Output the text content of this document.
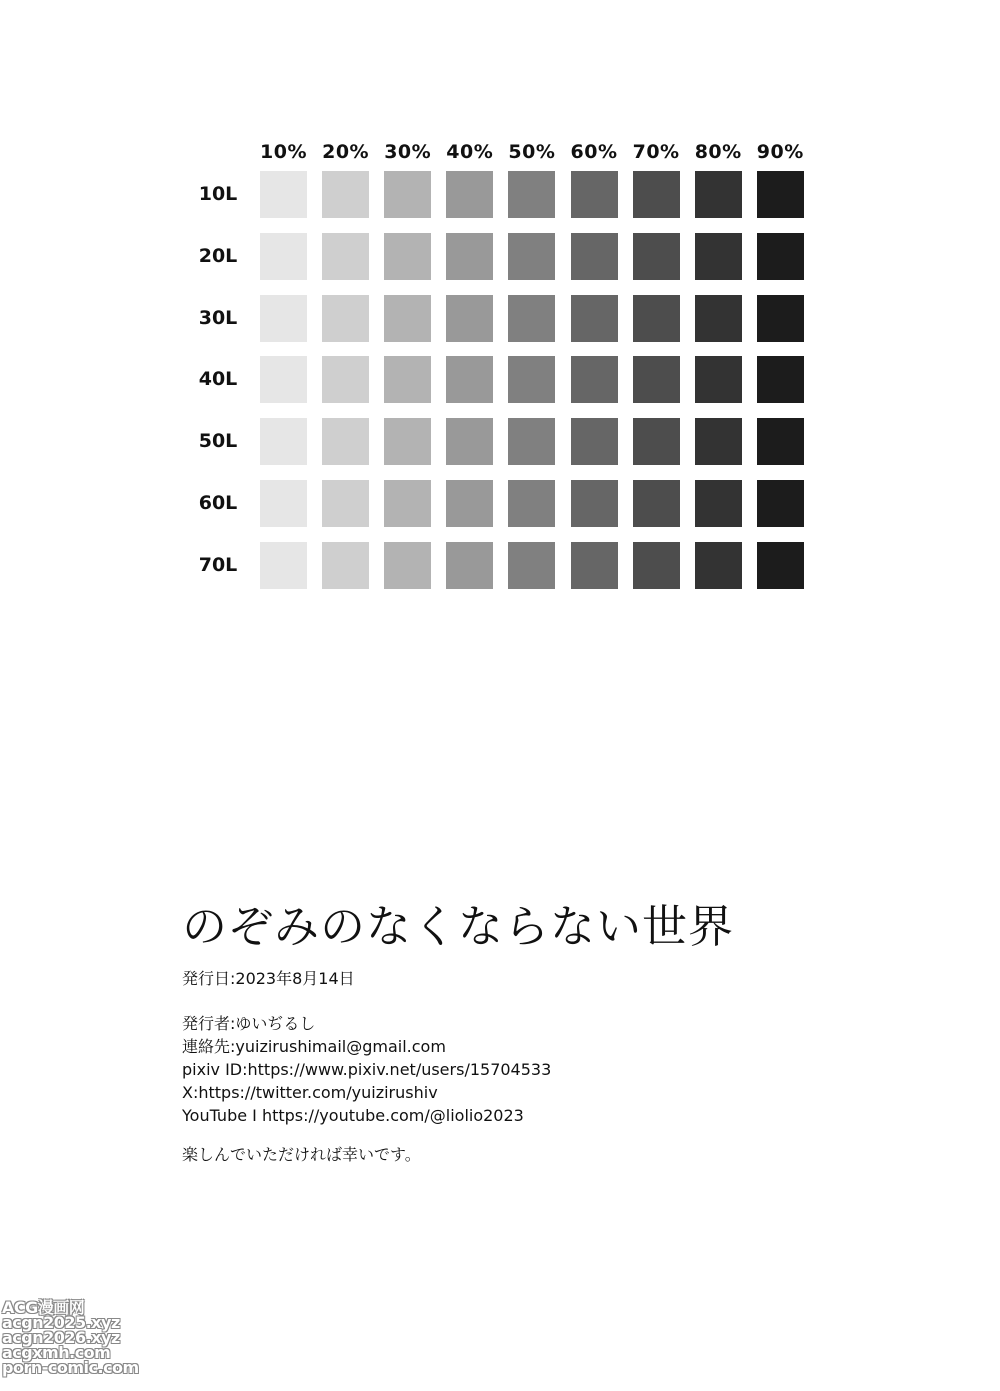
10% 20% 30% 40% 50% 60% 70% 80% 90%
10L
20L
30L
40L
50L
60L
70L
のぞみのなくならない世界
発行日:2023年8月14日
発行者:ゆいぢるし
連絡先:yuizirushimail@gmail.com
pixiv ID:https://www.pixiv.net/users/15704533
X:https://twitter.com/yuizirushiv
YouTube I https://youtube.com/@liolio2023
楽しんでいただければ幸いです。
ACG漫画网
acgn2025.xyz
acgn2026.xyz
acgxmh.com
porn-comic.com
